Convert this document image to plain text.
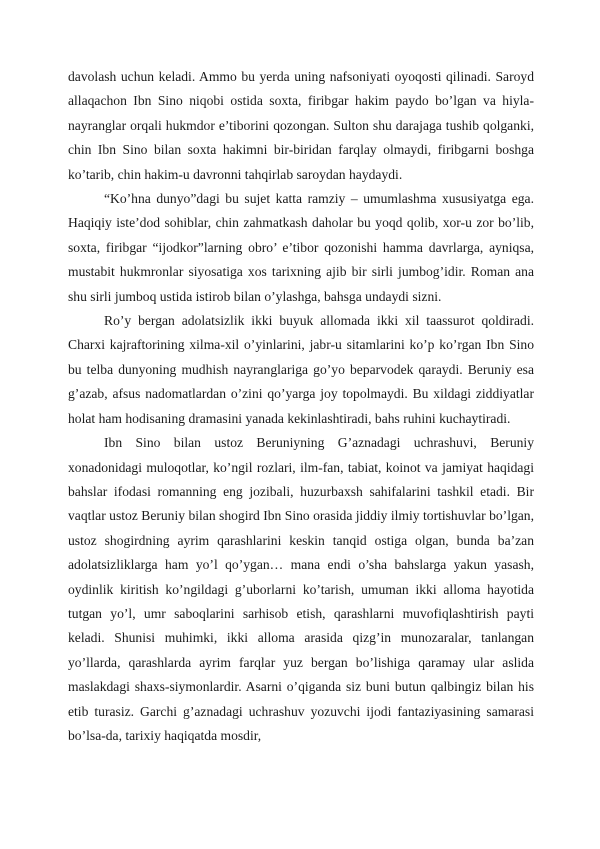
davolash uchun keladi. Ammo bu yerda uning nafsoniyati oyoqosti qilinadi. Saroyd allaqachon Ibn Sino niqobi ostida soxta, firibgar hakim paydo bo’lgan va hiyla-nayranglar orqali hukmdor e’tiborini qozongan. Sulton shu darajaga tushib qolganki, chin Ibn Sino bilan soxta hakimni bir-biridan farqlay olmaydi, firibgarni boshga ko’tarib, chin hakim-u davronni tahqirlab saroydan haydaydi.

“Ko’hna dunyo”dagi bu sujet katta ramziy – umumlashma xususiyatga ega. Haqiqiy iste’dod sohiblar, chin zahmatkash daholar bu yoqd qolib, xor-u zor bo’lib, soxta, firibgar “ijodkor”larning obro’ e’tibor qozonishi hamma davrlarga, ayniqsa, mustabit hukmronlar siyosatiga xos tarixning ajib bir sirli jumbog’idir. Roman ana shu sirli jumboq ustida istirob bilan o’ylashga, bahsga undaydi sizni.

Ro’y bergan adolatsizlik ikki buyuk allomada ikki xil taassurot qoldiradi. Charxi kajraftorining xilma-xil o’yinlarini, jabr-u sitamlarini ko’p ko’rgan Ibn Sino bu telba dunyoning mudhish nayranglariga go’yo beparvodek qaraydi. Beruniy esa g’azab, afsus nadomatlardan o’zini qo’yarga joy topolmaydi. Bu xildagi ziddiyatlar holat ham hodisaning dramasini yanada kekinlashtiradi, bahs ruhini kuchaytiradi.

Ibn Sino bilan ustoz Beruniyning G’aznadagi uchrashuvi, Beruniy xonadonidagi muloqotlar, ko’ngil rozlari, ilm-fan, tabiat, koinot va jamiyat haqidagi bahslar ifodasi romanning eng jozibali, huzurbaxsh sahifalarini tashkil etadi. Bir vaqtlar ustoz Beruniy bilan shogird Ibn Sino orasida jiddiy ilmiy tortishuvlar bo’lgan, ustoz shogirdning ayrim qarashlarini keskin tanqid ostiga olgan, bunda ba’zan adolatsizliklarga ham yo’l qo’ygan… mana endi o’sha bahslarga yakun yasash, oydinlik kiritish ko’ngildagi g’uborlarni ko’tarish, umuman ikki alloma hayotida tutgan yo’l, umr saboqlarini sarhisob etish, qarashlarni muvofiqlashtirish payti keladi. Shunisi muhimki, ikki alloma arasida qizg’in munozaralar, tanlangan yo’llarda, qarashlarda ayrim farqlar yuz bergan bo’lishiga qaramay ular aslida maslakdagi shaxs-siymonlardir. Asarni o’qiganda siz buni butun qalbingiz bilan his etib turasiz. Garchi g’aznadagi uchrashuv yozuvchi ijodi fantaziyasining samarasi bo’lsa-da, tarixiy haqiqatda mosdir,
